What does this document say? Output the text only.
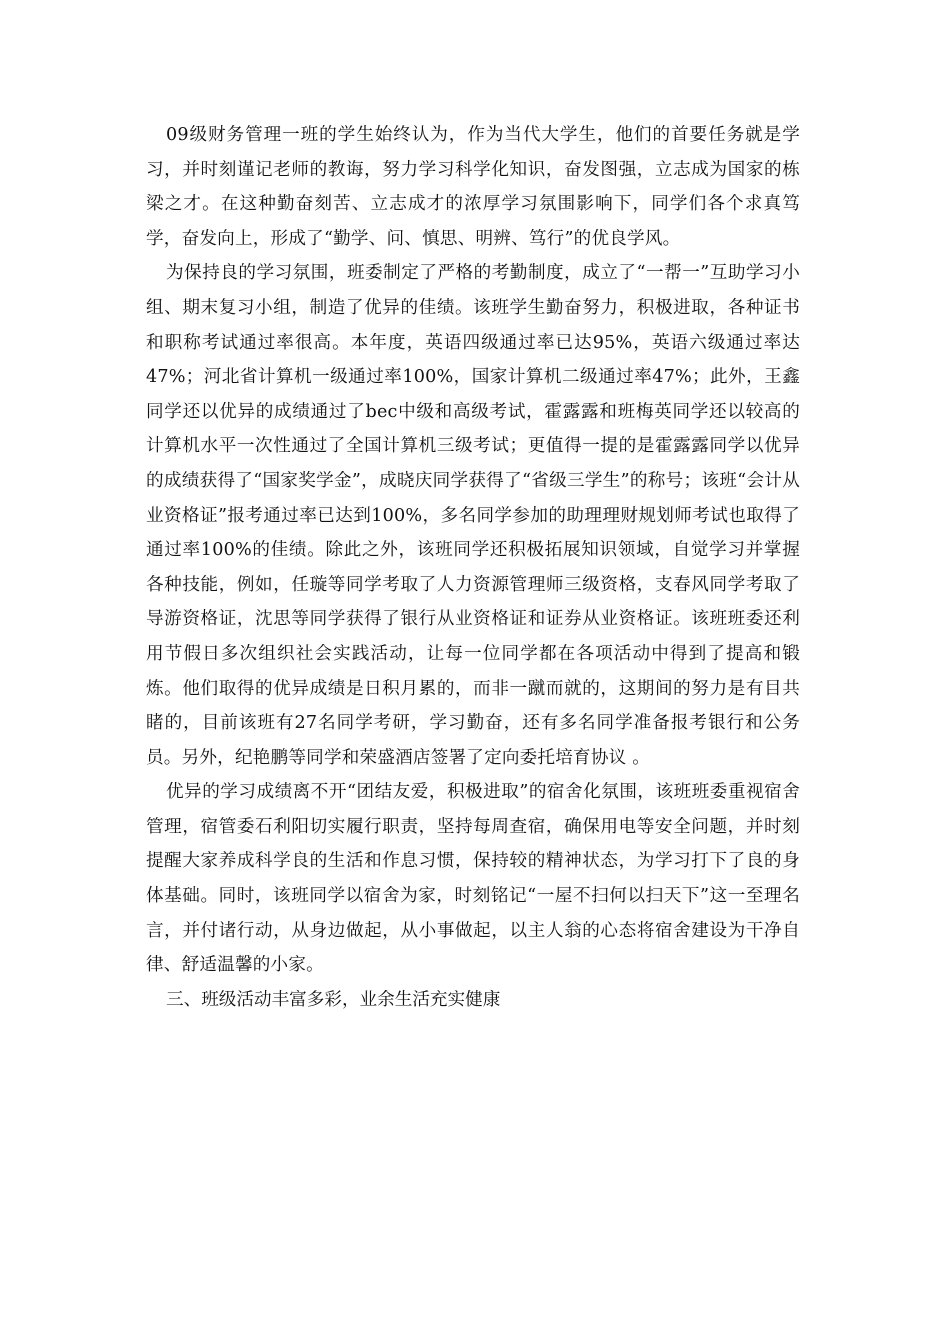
09级财务管理一班的学生始终认为，作为当代大学生，他们的首要任务就是学习，并时刻谨记老师的教诲，努力学习科学化知识，奋发图强，立志成为国家的栋梁之才。在这种勤奋刻苦、立志成才的浓厚学习氛围影响下，同学们各个求真笃学，奋发向上，形成了“勤学、问、慎思、明辨、笃行”的优良学风。

为保持良的学习氛围，班委制定了严格的考勤制度，成立了“一帮一”互助学习小组、期末复习小组，制造了优异的佳绩。该班学生勤奋努力，积极进取，各种证书和职称考试通过率很高。本年度，英语四级通过率已达95%，英语六级通过率达47%；河北省计算机一级通过率100%，国家计算机二级通过率47%；此外，王鑫同学还以优异的成绩通过了bec中级和高级考试，霍露露和班梅英同学还以较高的计算机水平一次性通过了全国计算机三级考试；更值得一提的是霍露露同学以优异的成绩获得了“国家奖学金”，成晓庆同学获得了“省级三学生”的称号；该班“会计从业资格证”报考通过率已达到100%，多名同学参加的助理理财规划师考试也取得了通过率100%的佳绩。除此之外，该班同学还积极拓展知识领域，自觉学习并掌握各种技能，例如，任璇等同学考取了人力资源管理师三级资格，支春风同学考取了导游资格证，沈思等同学获得了银行从业资格证和证券从业资格证。该班班委还利用节假日多次组织社会实践活动，让每一位同学都在各项活动中得到了提高和锻炼。他们取得的优异成绩是日积月累的，而非一蹴而就的，这期间的努力是有目共睹的，目前该班有27名同学考研，学习勤奋，还有多名同学准备报考银行和公务员。另外，纪艳鹏等同学和荣盛酒店签署了定向委托培育协议 。

优异的学习成绩离不开“团结友爱，积极进取”的宿舍化氛围，该班班委重视宿舍管理，宿管委石利阳切实履行职责，坚持每周查宿，确保用电等安全问题，并时刻提醒大家养成科学良的生活和作息习惯，保持较的精神状态，为学习打下了良的身体基础。同时，该班同学以宿舍为家，时刻铭记“一屋不扫何以扫天下”这一至理名言，并付诸行动，从身边做起，从小事做起，以主人翁的心态将宿舍建设为干净自律、舒适温馨的小家。

三、班级活动丰富多彩，业余生活充实健康
